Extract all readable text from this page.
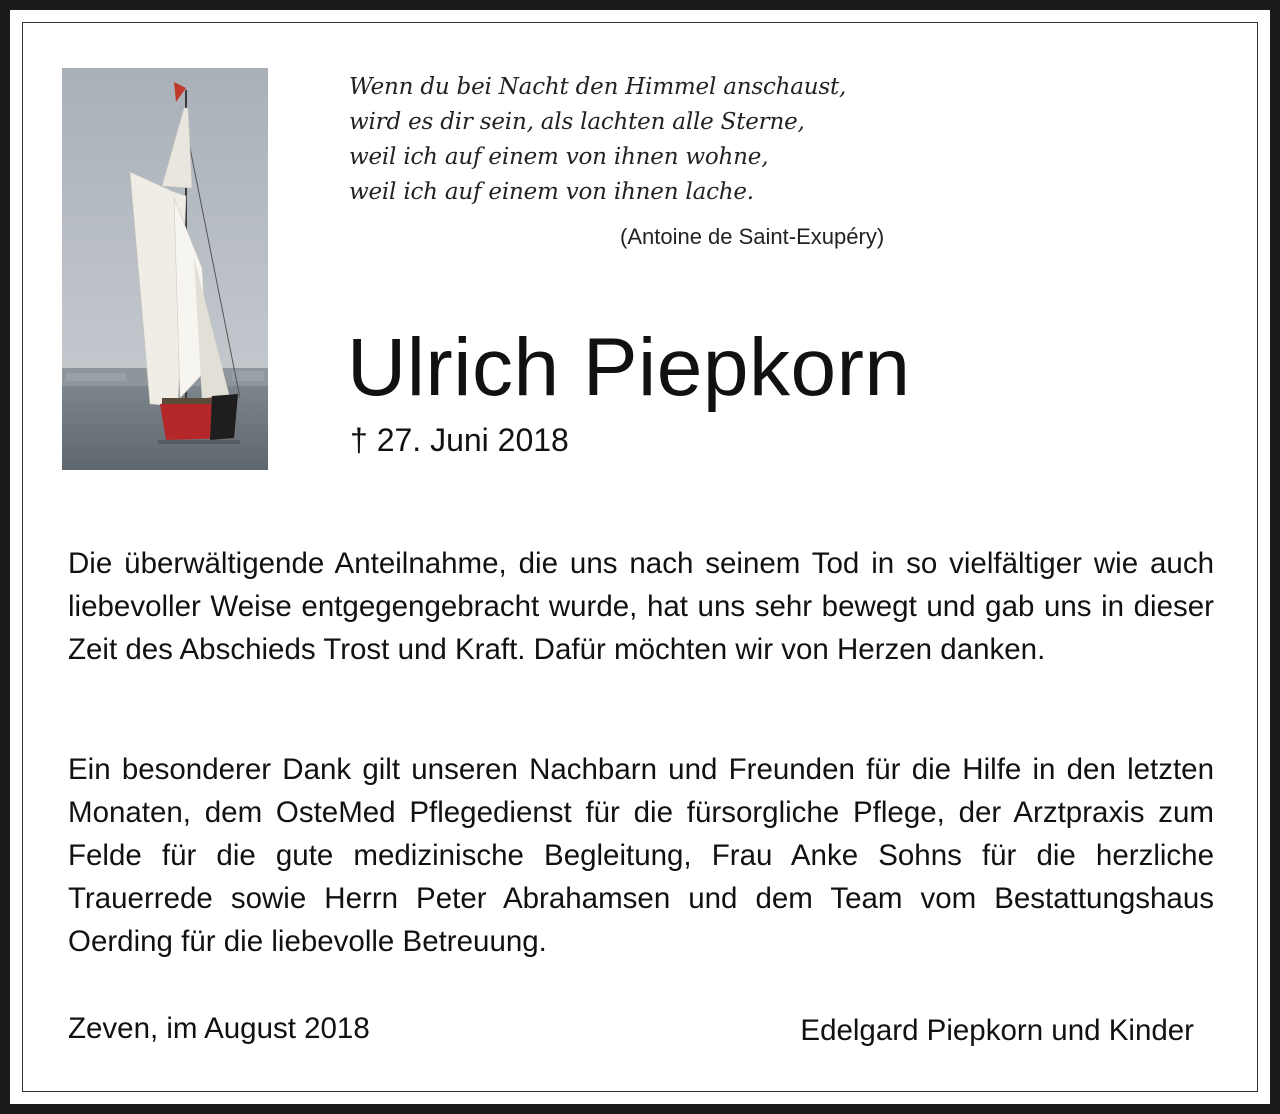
Wenn du bei Nacht den Himmel anschaust,
wird es dir sein, als lachten alle Sterne,
weil ich auf einem von ihnen wohne,
weil ich auf einem von ihnen lache.
(Antoine de Saint-Exupéry)
Ulrich Piepkorn
† 27. Juni 2018

Die überwältigende Anteilnahme, die uns nach seinem Tod in so vielfältiger wie auch liebevoller Weise entgegengebracht wurde, hat uns sehr bewegt und gab uns in dieser Zeit des Abschieds Trost und Kraft. Dafür möchten wir von Herzen danken.

Ein besonderer Dank gilt unseren Nachbarn und Freunden für die Hilfe in den letzten Monaten, dem OsteMed Pflegedienst für die fürsorgliche Pflege, der Arztpraxis zum Felde für die gute medizinische Begleitung, Frau Anke Sohns für die herzliche Trauerrede sowie Herrn Peter Abrahamsen und dem Team vom Bestattungshaus Oerding für die liebevolle Betreuung.

Zeven, im August 2018	Edelgard Piepkorn und Kinder
